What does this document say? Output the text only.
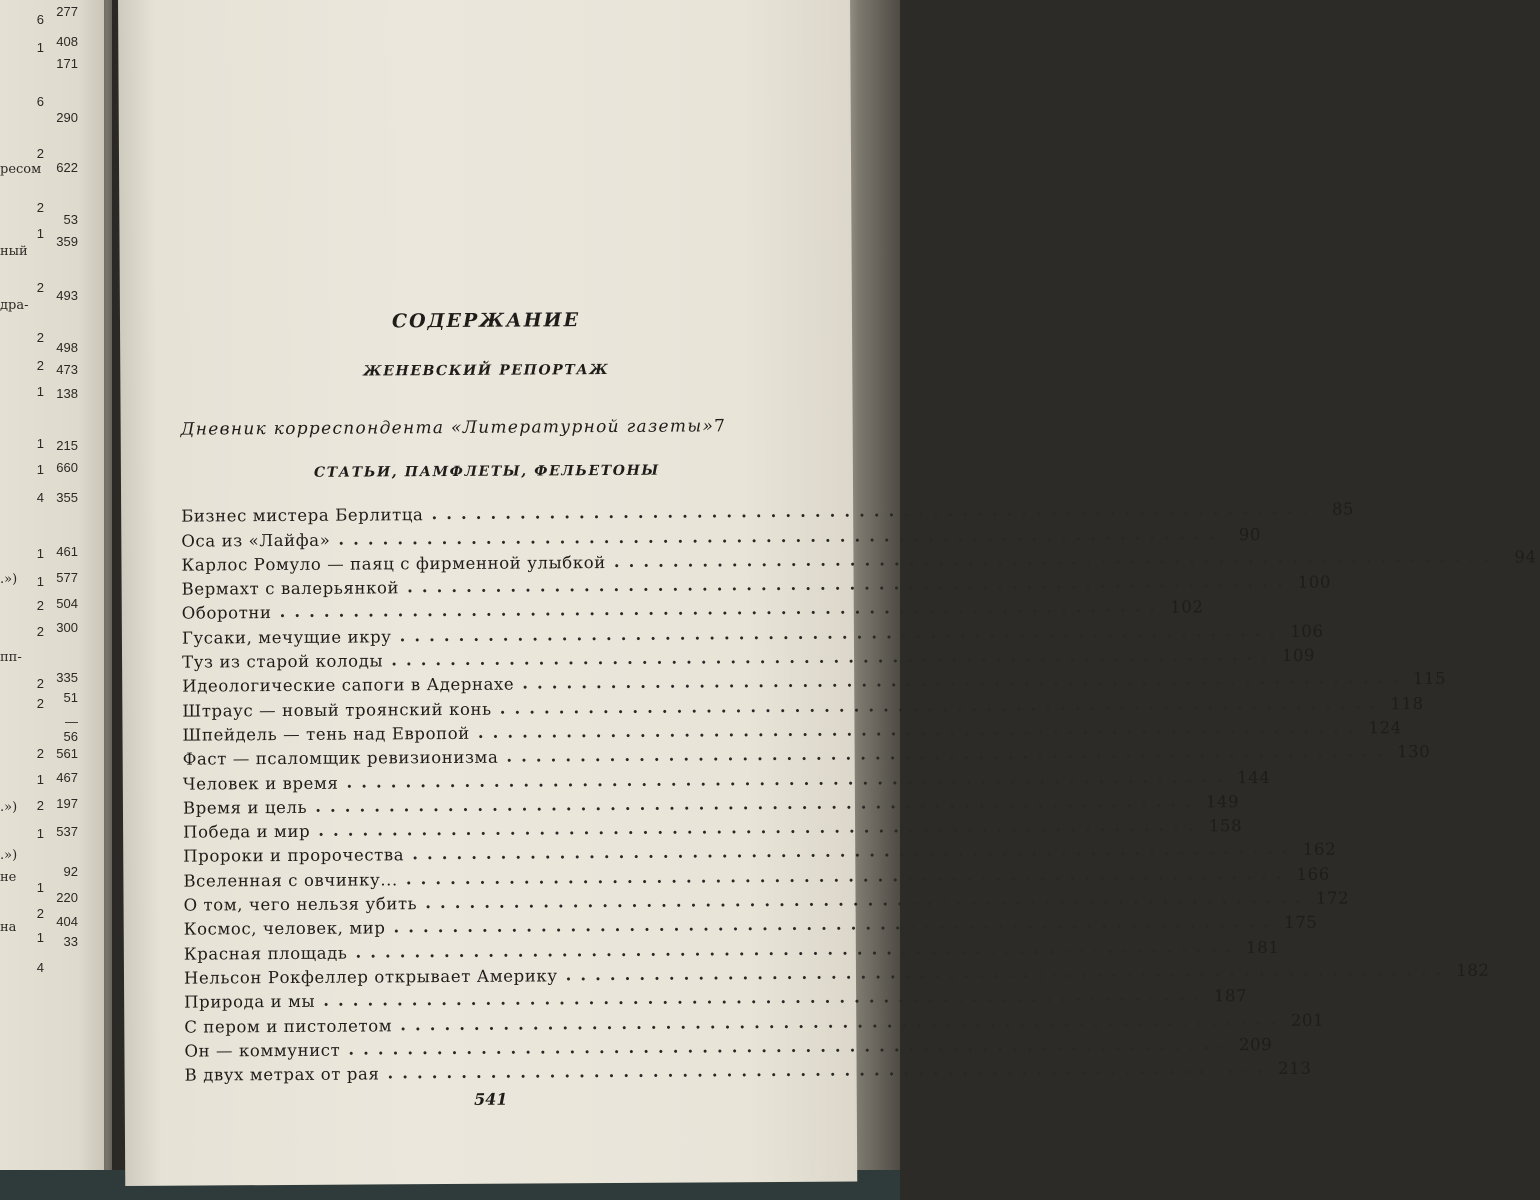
277
408
171
290
622
53
359
493
498
473
138
215
660
355
461
577
504
300
335
51
—56
561
467
197
537
92
220
404
33
6
1
6
2
2
1
2
2
2
1
1
1
4
1
1
2
2
2
2
2
1
2
1
1
2
1
4
ресом
ный
дра-
.»)
пп-
.»)
.»)
не
на
СОДЕРЖАНИЕ
ЖЕНЕВСКИЙ РЕПОРТАЖ
Дневник корреспондента «Литературной газеты» 7
СТАТЬИ, ПАМФЛЕТЫ, ФЕЛЬЕТОНЫ
Бизнес мистера Берлитца ............................................................ 85
Оса из «Лайфа» ............................................................ 90
Карлос Ромуло — паяц с фирменной улыбкой ............................................................ 94
Вермахт с валерьянкой ............................................................ 100
Оборотни ............................................................ 102
Гусаки, мечущие икру ............................................................ 106
Туз из старой колоды ............................................................ 109
Идеологические сапоги в Адернахе ............................................................ 115
Штраус — новый троянский конь ............................................................ 118
Шпейдель — тень над Европой ............................................................ 124
Фаст — псаломщик ревизионизма ............................................................ 130
Человек и время ............................................................ 144
Время и цель ............................................................ 149
Победа и мир ............................................................ 158
Пророки и пророчества ............................................................ 162
Вселенная с овчинку... ............................................................ 166
О том, чего нельзя убить ............................................................ 172
Космос, человек, мир ............................................................ 175
Красная площадь ............................................................ 181
Нельсон Рокфеллер открывает Америку ............................................................ 182
Природа и мы ............................................................ 187
С пером и пистолетом ............................................................ 201
Он — коммунист ............................................................ 209
В двух метрах от рая ............................................................ 213
541
